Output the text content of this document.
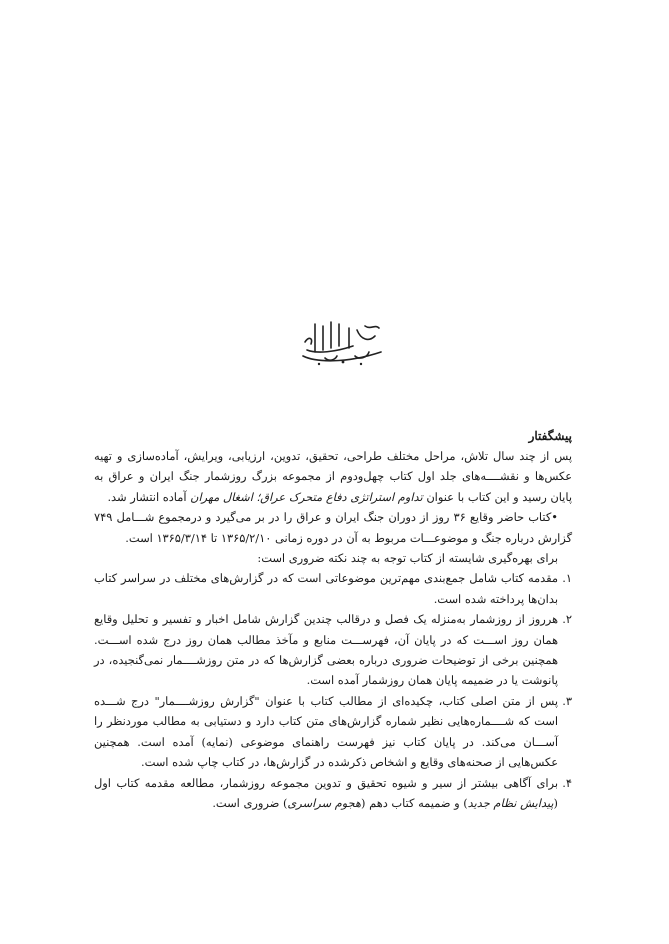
پیشگفتار

پس از چند سال تلاش، مراحل مختلف طراحی، تحقیق، تدوین، ارزیابی، ویرایش، آماده‌سازی و تهیه عکس‌ها و نقشــــه‌های جلد اول کتاب چهل‌ودوم از مجموعه بزرگ روزشمار جنگ ایران و عراق به پایان رسید و این کتاب با عنوان تداوم استراتژی دفاع متحرک عراق؛ اشغال مهران آماده انتشار شد.

•کتاب حاضر وقایع ۳۶ روز از دوران جنگ ایران و عراق را در بر می‌گیرد و درمجموع شـــامل ۷۴۹ گزارش درباره جنگ و موضوعـــات مربوط به آن در دوره زمانی ۱۳۶۵/۲/۱۰ تا ۱۳۶۵/۳/۱۴ است.

برای بهره‌گیری شایسته از کتاب توجه به چند نکته ضروری است:

۱.
مقدمه کتاب شامل جمع‌بندی مهم‌ترین موضوعاتی است که در گزارش‌های مختلف در سراسر کتاب بدان‌ها پرداخته شده است.
۲.
هرروز از روزشمار به‌منزله یک فصل و درقالب چندین گزارش شامل اخبار و تفسیر و تحلیل وقایع همان روز اســـت که در پایان آن، فهرســـت منابع و مآخذ مطالب همان روز درج شده اســـت. همچنین برخی از توضیحات ضروری درباره بعضی گزارش‌ها که در متن روزشــــمار نمی‌گنجیده، در پانوشت یا در ضمیمه پایان همان روزشمار آمده است.
۳.
پس از متن اصلی کتاب، چکیده‌ای از مطالب کتاب با عنوان "گزارش روزشــــمار" درج شـــده است که شــــماره‌هایی نظیر شماره گزارش‌های متن کتاب دارد و دستیابی به مطالب موردنظر را آســـان می‌کند. در پایان کتاب نیز فهرست راهنمای موضوعی (نمایه) آمده است. همچنین عکس‌هایی از صحنه‌های وقایع و اشخاص ذکرشده در گزارش‌ها، در کتاب چاپ شده است.
۴.
برای آگاهی بیشتر از سیر و شیوه تحقیق و تدوین مجموعه روزشمار، مطالعه مقدمه کتاب اول (پیدایش نظام جدید) و ضمیمه کتاب دهم (هجوم سراسری) ضروری است.
